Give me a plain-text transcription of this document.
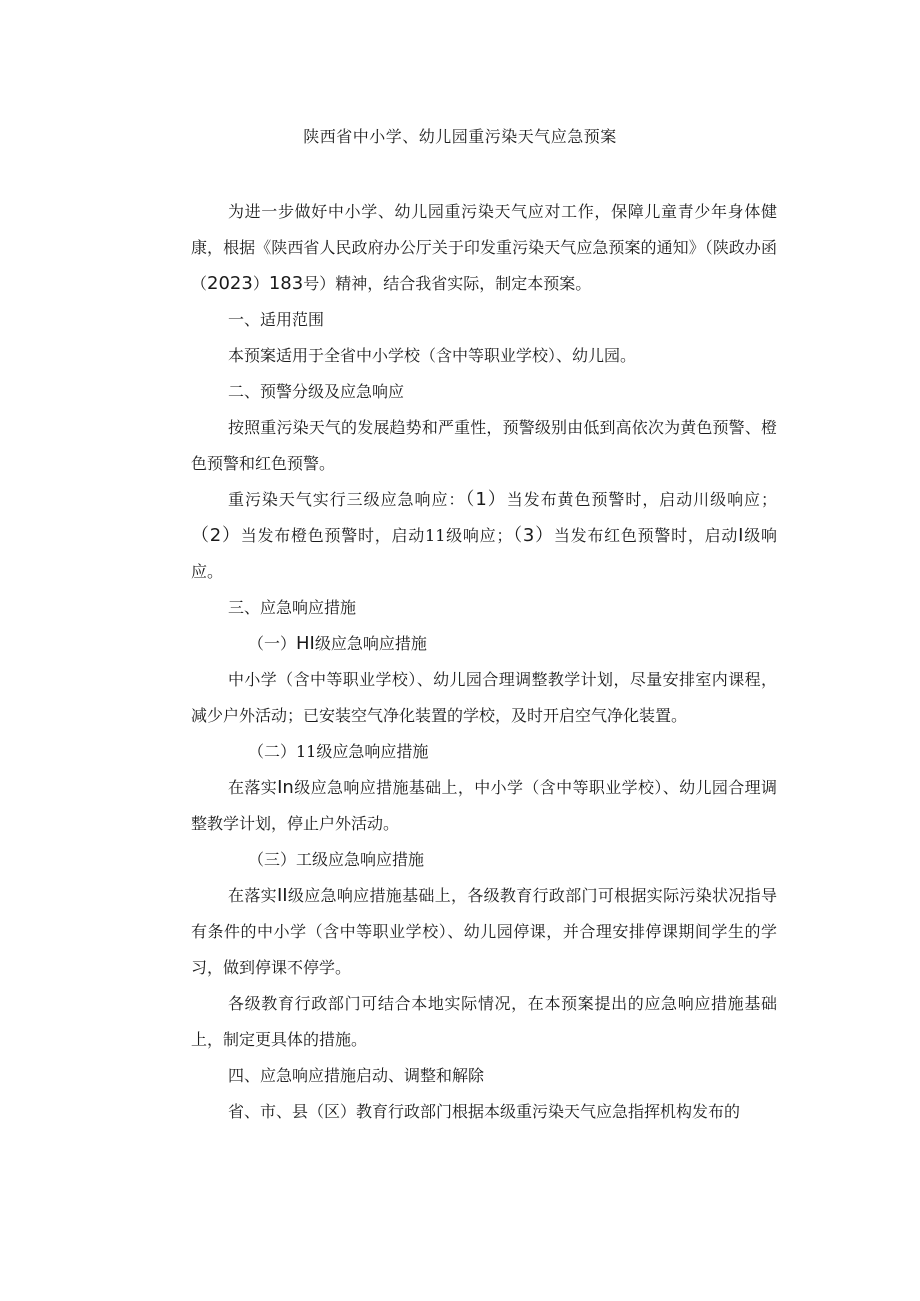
陕西省中小学、幼儿园重污染天气应急预案

为进一步做好中小学、幼儿园重污染天气应对工作，保障儿童青少年身体健康，根据《陕西省人民政府办公厅关于印发重污染天气应急预案的通知》（陕政办函（2023）183号）精神，结合我省实际，制定本预案。

一、适用范围

本预案适用于全省中小学校（含中等职业学校）、幼儿园。

二、预警分级及应急响应

按照重污染天气的发展趋势和严重性，预警级别由低到高依次为黄色预警、橙色预警和红色预警。

重污染天气实行三级应急响应：（1）当发布黄色预警时，启动川级响应；（2）当发布橙色预警时，启动11级响应；（3）当发布红色预警时，启动I级响应。

三、应急响应措施

（一）HI级应急响应措施

中小学（含中等职业学校）、幼儿园合理调整教学计划，尽量安排室内课程，减少户外活动；已安装空气净化装置的学校，及时开启空气净化装置。

（二）11级应急响应措施

在落实In级应急响应措施基础上，中小学（含中等职业学校）、幼儿园合理调整教学计划，停止户外活动。

（三）工级应急响应措施

在落实II级应急响应措施基础上，各级教育行政部门可根据实际污染状况指导有条件的中小学（含中等职业学校）、幼儿园停课，并合理安排停课期间学生的学习，做到停课不停学。

各级教育行政部门可结合本地实际情况，在本预案提出的应急响应措施基础上，制定更具体的措施。

四、应急响应措施启动、调整和解除

省、市、县（区）教育行政部门根据本级重污染天气应急指挥机构发布的
